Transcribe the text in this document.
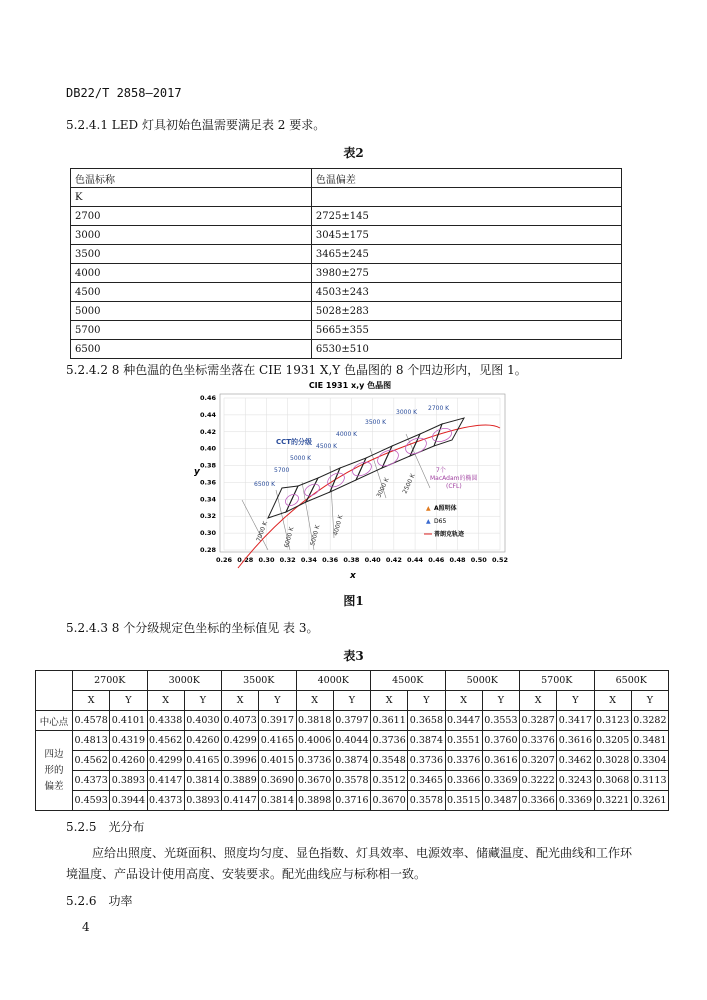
DB22/T 2858—2017
5.2.4.1 LED 灯具初始色温需要满足表 2 要求。
表2
色温标称	色温偏差
K	
2700	2725±145
3000	3045±175
3500	3465±245
4000	3980±275
4500	4503±243
5000	5028±283
5700	5665±355
6500	6530±510
5.2.4.2 8 种色温的色坐标需坐落在 CIE 1931 X,Y 色晶图的 8 个四边形内，见图 1。
CIE 1931 x,y 色晶图
0.46
0.44
0.42
0.40
0.38
0.36
0.34
0.32
0.30
0.28
0.26 0.28 0.30 0.32 0.34 0.36 0.38 0.40 0.42 0.44 0.46 0.48 0.50 0.52
y
x
2700 K
3000 K
3500 K
4000 K
4500 K
5000 K
5700
6500 K
CCT的分级
7000 K 6000 K 5000 K 4000 K
3000 K 2500 K
7个
MacAdam的椭圆
(CFL)
▲ A照明体
▲ D65
普朗克轨迹
图1
5.2.4.3 8 个分级规定色坐标的坐标值见 表 3。
表3
	2700K		3000K		3500K		4000K		4500K		5000K		5700K		6500K	
	X	Y	X	Y	X	Y	X	Y	X	Y	X	Y	X	Y	X	Y
中心点	0.4578	0.4101	0.4338	0.4030	0.4073	0.3917	0.3818	0.3797	0.3611	0.3658	0.3447	0.3553	0.3287	0.3417	0.3123	0.3282
四边形的偏差	0.4813	0.4319	0.4562	0.4260	0.4299	0.4165	0.4006	0.4044	0.3736	0.3874	0.3551	0.3760	0.3376	0.3616	0.3205	0.3481
	0.4562	0.4260	0.4299	0.4165	0.3996	0.4015	0.3736	0.3874	0.3548	0.3736	0.3376	0.3616	0.3207	0.3462	0.3028	0.3304
	0.4373	0.3893	0.4147	0.3814	0.3889	0.3690	0.3670	0.3578	0.3512	0.3465	0.3366	0.3369	0.3222	0.3243	0.3068	0.3113
	0.4593	0.3944	0.4373	0.3893	0.4147	0.3814	0.3898	0.3716	0.3670	0.3578	0.3515	0.3487	0.3366	0.3369	0.3221	0.3261
5.2.5 光分布
应给出照度、光斑面积、照度均匀度、显色指数、灯具效率、电源效率、储藏温度、配光曲线和工作环境温度、产品设计使用高度、安装要求。配光曲线应与标称相一致。
5.2.6 功率
4
